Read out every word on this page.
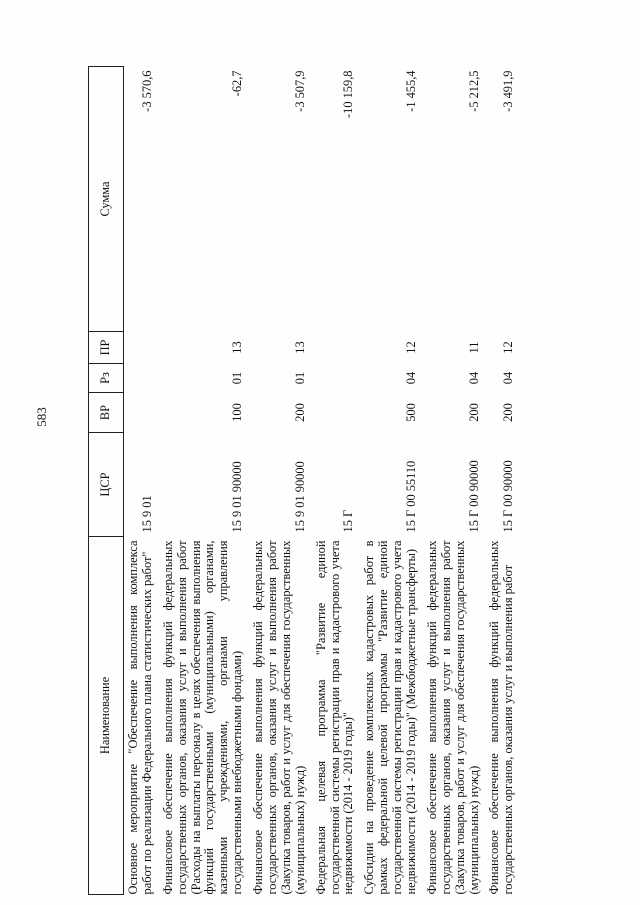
583
Наименование	ЦСР	ВР	Рз	ПР	Сумма
Основное мероприятие "Обеспечение выполнения комплекса работ по реализации Федерального плана статистических работ"	15 9 01				-3 570,6
Финансовое обеспечение выполнения функций федеральных государственных органов, оказания услуг и выполнения работ (Расходы на выплаты персоналу в целях обеспечения выполнения функций государственными (муниципальными) органами, казенными учреждениями, органами управления государственными внебюджетными фондами)	15 9 01 90000	100	01	13	-62,7
Финансовое обеспечение выполнения функций федеральных государственных органов, оказания услуг и выполнения работ (Закупка товаров, работ и услуг для обеспечения государственных (муниципальных) нужд)	15 9 01 90000	200	01	13	-3 507,9
Федеральная целевая программа "Развитие единой государственной системы регистрации прав и кадастрового учета недвижимости (2014 - 2019 годы)"	15 Г				-10 159,8
Субсидии на проведение комплексных кадастровых работ в рамках федеральной целевой программы "Развитие единой государственной системы регистрации прав и кадастрового учета недвижимости (2014 - 2019 годы)" (Межбюджетные трансферты)	15 Г 00 55110	500	04	12	-1 455,4
Финансовое обеспечение выполнения функций федеральных государственных органов, оказания услуг и выполнения работ (Закупка товаров, работ и услуг для обеспечения государственных (муниципальных) нужд)	15 Г 00 90000	200	04	11	-5 212,5
Финансовое обеспечение выполнения функций федеральных государственных органов, оказания услуг и выполнения работ	15 Г 00 90000	200	04	12	-3 491,9
